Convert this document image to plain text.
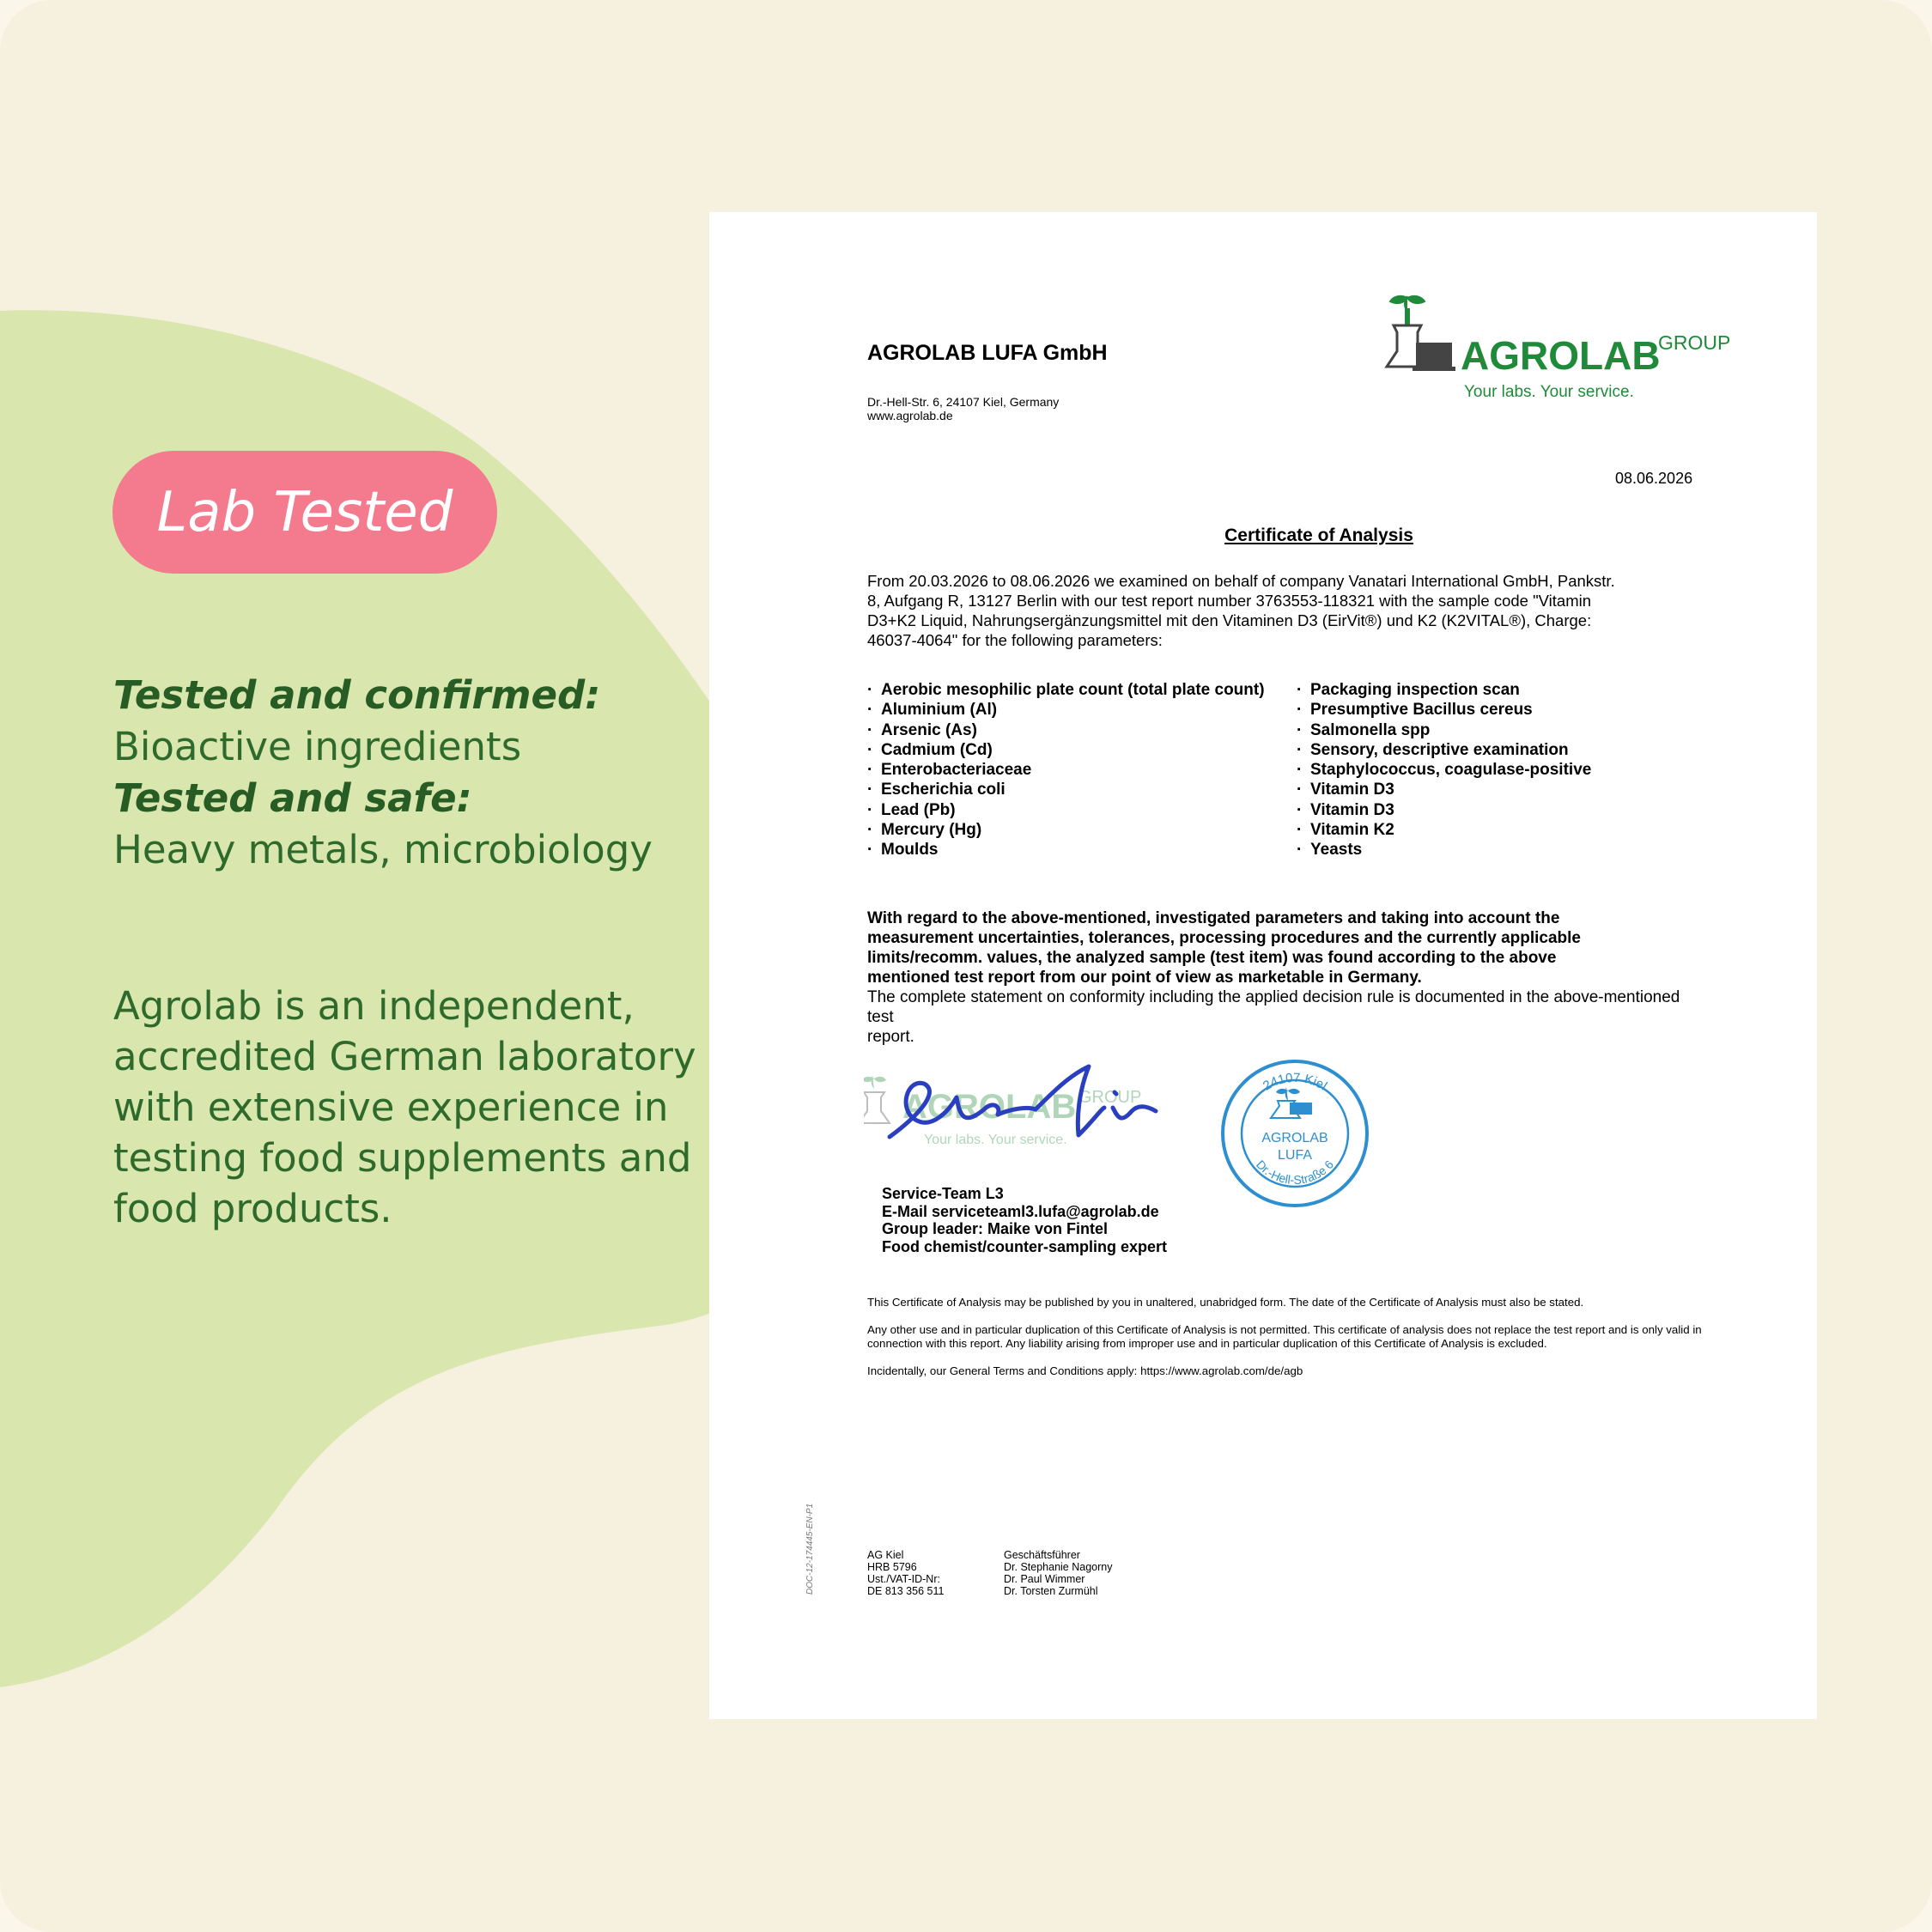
Lab Tested
Tested and confirmed:
Bioactive ingredients
Tested and safe:
Heavy metals, microbiology
Agrolab is an independent,
accredited German laboratory
with extensive experience in
testing food supplements and
food products.
AGROLAB LUFA GmbH
Dr.-Hell-Str. 6, 24107 Kiel, Germany
www.agrolab.de
AGROLAB
GROUP
Your labs. Your service.
08.06.2026
Certificate of Analysis
From 20.03.2026 to 08.06.2026 we examined on behalf of company Vanatari International GmbH, Pankstr.
8, Aufgang R, 13127 Berlin with our test report number 3763553-118321 with the sample code "Vitamin
D3+K2 Liquid, Nahrungsergänzungsmittel mit den Vitaminen D3 (EirVit®) und K2 (K2VITAL®), Charge:
46037-4064" for the following parameters:
· Aerobic mesophilic plate count (total plate count)
· Aluminium (Al)
· Arsenic (As)
· Cadmium (Cd)
· Enterobacteriaceae
· Escherichia coli
· Lead (Pb)
· Mercury (Hg)
· Moulds
· Packaging inspection scan
· Presumptive Bacillus cereus
· Salmonella spp
· Sensory, descriptive examination
· Staphylococcus, coagulase-positive
· Vitamin D3
· Vitamin D3
· Vitamin K2
· Yeasts
With regard to the above-mentioned, investigated parameters and taking into account the
measurement uncertainties, tolerances, processing procedures and the currently applicable
limits/recomm. values, the analyzed sample (test item) was found according to the above
mentioned test report from our point of view as marketable in Germany.
The complete statement on conformity including the applied decision rule is documented in the above-mentioned test
report.
AGROLAB GROUP
Your labs. Your service.
24107 Kiel
Dr.-Hell-Straße 6
AGROLAB
LUFA
Service-Team L3
E-Mail serviceteaml3.lufa@agrolab.de
Group leader: Maike von Fintel
Food chemist/counter-sampling expert

This Certificate of Analysis may be published by you in unaltered, unabridged form. The date of the Certificate of Analysis must also be stated.

Any other use and in particular duplication of this Certificate of Analysis is not permitted. This certificate of analysis does not replace the test report and is only valid in connection with this report. Any liability arising from improper use and in particular duplication of this Certificate of Analysis is excluded.

Incidentally, our General Terms and Conditions apply: https://www.agrolab.com/de/agb

DOC-12-174445-EN-P1	AG Kiel
HRB 5796
Ust./VAT-ID-Nr:
DE 813 356 511
Geschäftsführer
Dr. Stephanie Nagorny
Dr. Paul Wimmer
Dr. Torsten Zurmühl
